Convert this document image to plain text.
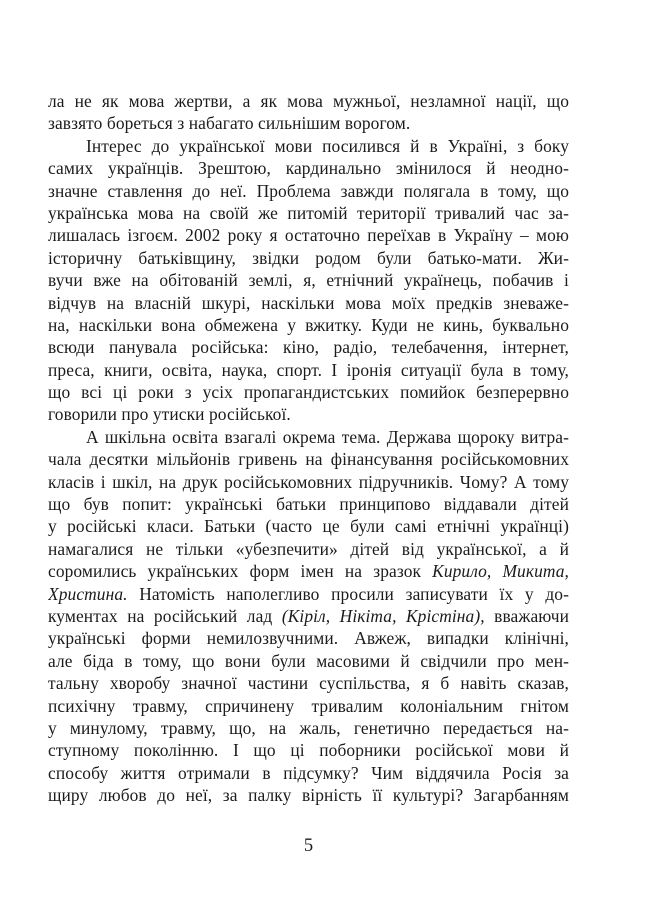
ла не як мова жертви, а як мова мужньої, незламної нації, що
завзято бореться з набагато сильнішим ворогом.
Інтерес до української мови посилився й в Україні, з боку
самих українців. Зрештою, кардинально змінилося й неодно-
значне ставлення до неї. Проблема завжди полягала в тому, що
українська мова на своїй же питомій території тривалий час за-
лишалась ізгоєм. 2002 року я остаточно переїхав в Україну – мою
історичну батьківщину, звідки родом були батько-мати. Жи-
вучи вже на обітованій землі, я, етнічний українець, побачив і
відчув на власній шкурі, наскільки мова моїх предків зневаже-
на, наскільки вона обмежена у вжитку. Куди не кинь, буквально
всюди панувала російська: кіно, радіо, телебачення, інтернет,
преса, книги, освіта, наука, спорт. І іронія ситуації була в тому,
що всі ці роки з усіх пропагандистських помийок безперервно
говорили про утиски російської.
А шкільна освіта взагалі окрема тема. Держава щороку витра-
чала десятки мільйонів гривень на фінансування російськомовних
класів і шкіл, на друк російськомовних підручників. Чому? А тому
що був попит: українські батьки принципово віддавали дітей
у російські класи. Батьки (часто це були самі етнічні українці)
намагалися не тільки «убезпечити» дітей від української, а й
соромились українських форм імен на зразок Кирило, Микита,
Христина. Натомість наполегливо просили записувати їх у до-
кументах на російський лад (Кіріл, Нікіта, Крістіна), вважаючи
українські форми немилозвучними. Авжеж, випадки клінічні,
але біда в тому, що вони були масовими й свідчили про мен-
тальну хворобу значної частини суспільства, я б навіть сказав,
психічну травму, спричинену тривалим колоніальним гнітом
у минулому, травму, що, на жаль, генетично передається на-
ступному поколінню. І що ці поборники російської мови й
способу життя отримали в підсумку? Чим віддячила Росія за
щиру любов до неї, за палку вірність її культурі? Загарбанням
5
